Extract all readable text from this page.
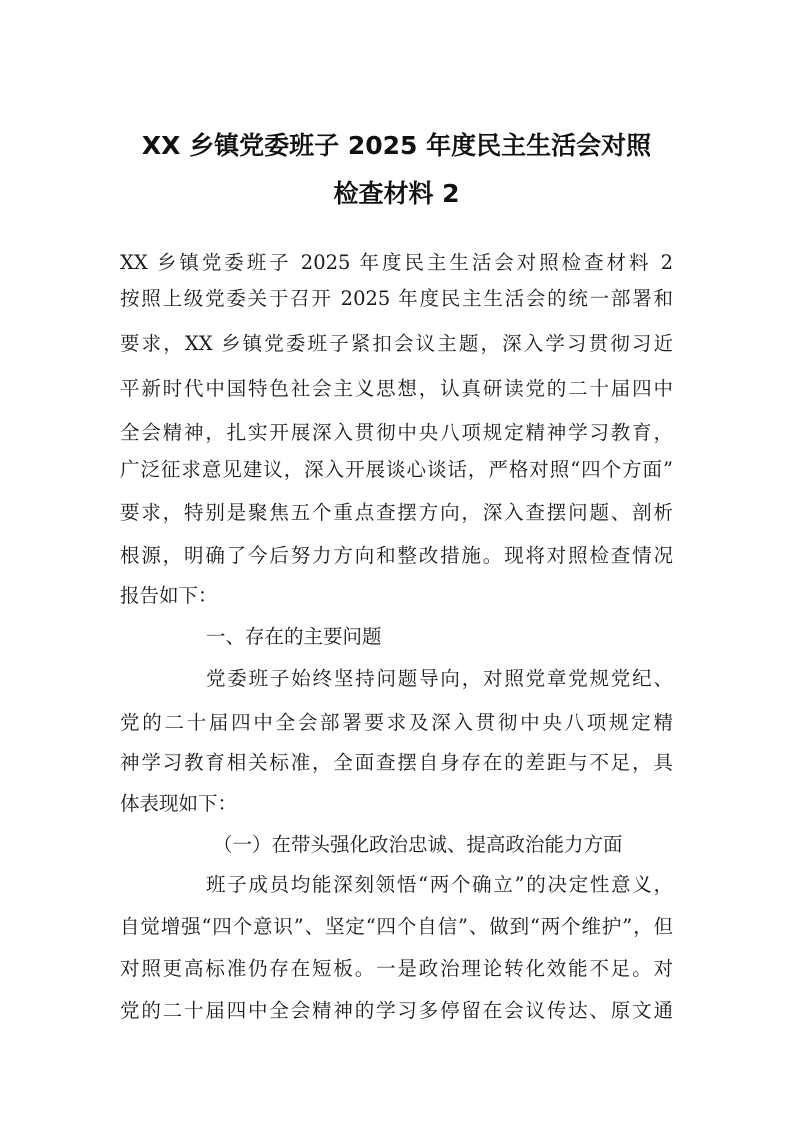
XX 乡镇党委班子 2025 年度民主生活会对照
检查材料 2
XX 乡镇党委班子 2025 年度民主生活会对照检查材料 2
按照上级党委关于召开 2025 年度民主生活会的统一部署和
要求，XX 乡镇党委班子紧扣会议主题，深入学习贯彻习近
平新时代中国特色社会主义思想，认真研读党的二十届四中
全会精神，扎实开展深入贯彻中央八项规定精神学习教育，
广泛征求意见建议，深入开展谈心谈话，严格对照“四个方面”
要求，特别是聚焦五个重点查摆方向，深入查摆问题、剖析
根源，明确了今后努力方向和整改措施。现将对照检查情况
报告如下：
一、存在的主要问题
党委班子始终坚持问题导向，对照党章党规党纪、
党的二十届四中全会部署要求及深入贯彻中央八项规定精
神学习教育相关标准，全面查摆自身存在的差距与不足，具
体表现如下：
（一）在带头强化政治忠诚、提高政治能力方面
班子成员均能深刻领悟“两个确立”的决定性意义，
自觉增强“四个意识”、坚定“四个自信”、做到“两个维护”，但
对照更高标准仍存在短板。一是政治理论转化效能不足。对
党的二十届四中全会精神的学习多停留在会议传达、原文通
